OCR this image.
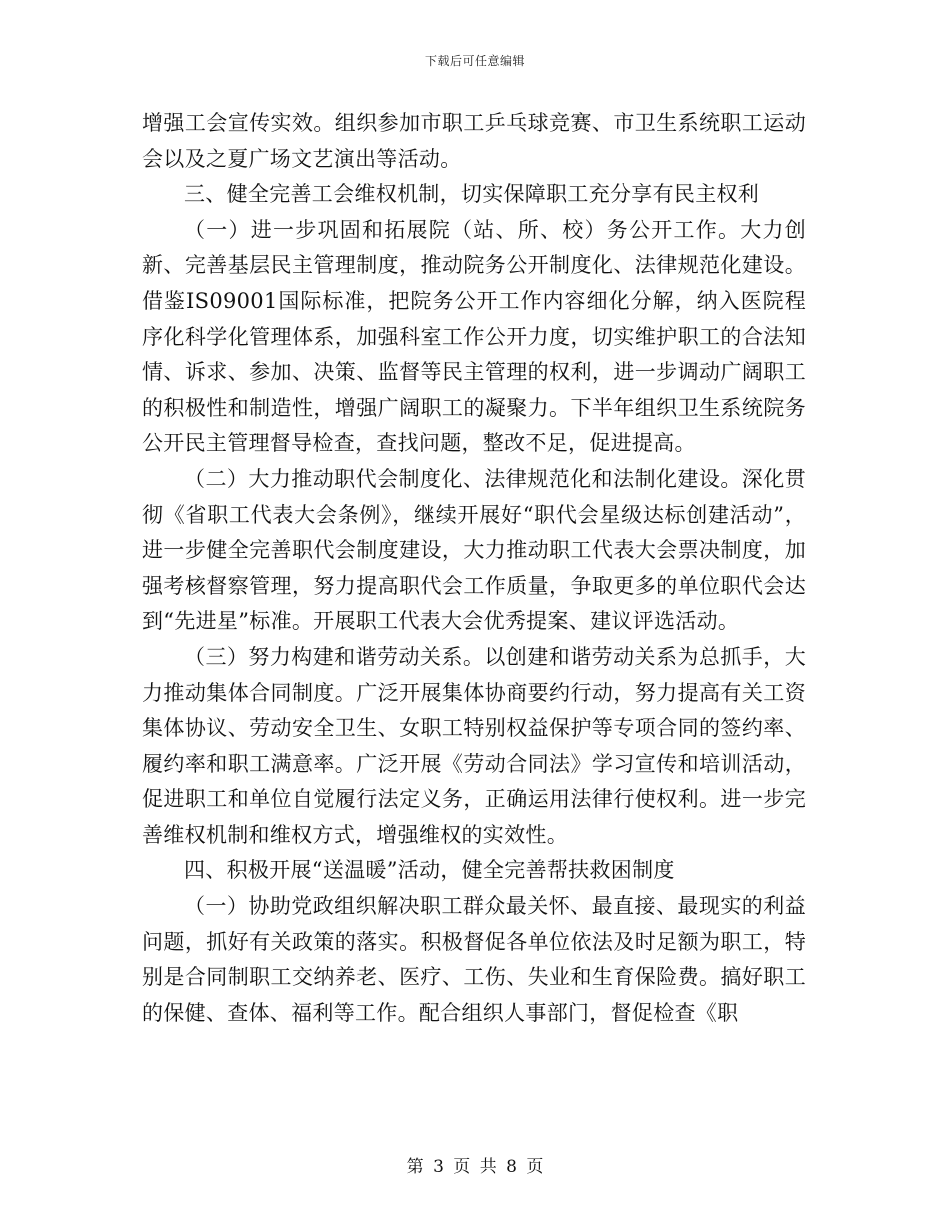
下载后可任意编辑

增强工会宣传实效。组织参加市职工乒乓球竞赛、市卫生系统职工运动会以及之夏广场文艺演出等活动。

三、健全完善工会维权机制，切实保障职工充分享有民主权利

（一）进一步巩固和拓展院（站、所、校）务公开工作。大力创新、完善基层民主管理制度，推动院务公开制度化、法律规范化建设。借鉴IS09001国际标准，把院务公开工作内容细化分解，纳入医院程序化科学化管理体系，加强科室工作公开力度，切实维护职工的合法知情、诉求、参加、决策、监督等民主管理的权利，进一步调动广阔职工的积极性和制造性，增强广阔职工的凝聚力。下半年组织卫生系统院务公开民主管理督导检查，查找问题，整改不足，促进提高。

（二）大力推动职代会制度化、法律规范化和法制化建设。深化贯彻《省职工代表大会条例》，继续开展好“职代会星级达标创建活动”，进一步健全完善职代会制度建设，大力推动职工代表大会票决制度，加强考核督察管理，努力提高职代会工作质量，争取更多的单位职代会达到“先进星”标准。开展职工代表大会优秀提案、建议评选活动。

（三）努力构建和谐劳动关系。以创建和谐劳动关系为总抓手，大力推动集体合同制度。广泛开展集体协商要约行动，努力提高有关工资集体协议、劳动安全卫生、女职工特别权益保护等专项合同的签约率、履约率和职工满意率。广泛开展《劳动合同法》学习宣传和培训活动，促进职工和单位自觉履行法定义务，正确运用法律行使权利。进一步完善维权机制和维权方式，增强维权的实效性。

四、积极开展“送温暖”活动，健全完善帮扶救困制度

（一）协助党政组织解决职工群众最关怀、最直接、最现实的利益问题，抓好有关政策的落实。积极督促各单位依法及时足额为职工，特别是合同制职工交纳养老、医疗、工伤、失业和生育保险费。搞好职工的保健、查体、福利等工作。配合组织人事部门，督促检查《职

第 3 页 共 8 页
